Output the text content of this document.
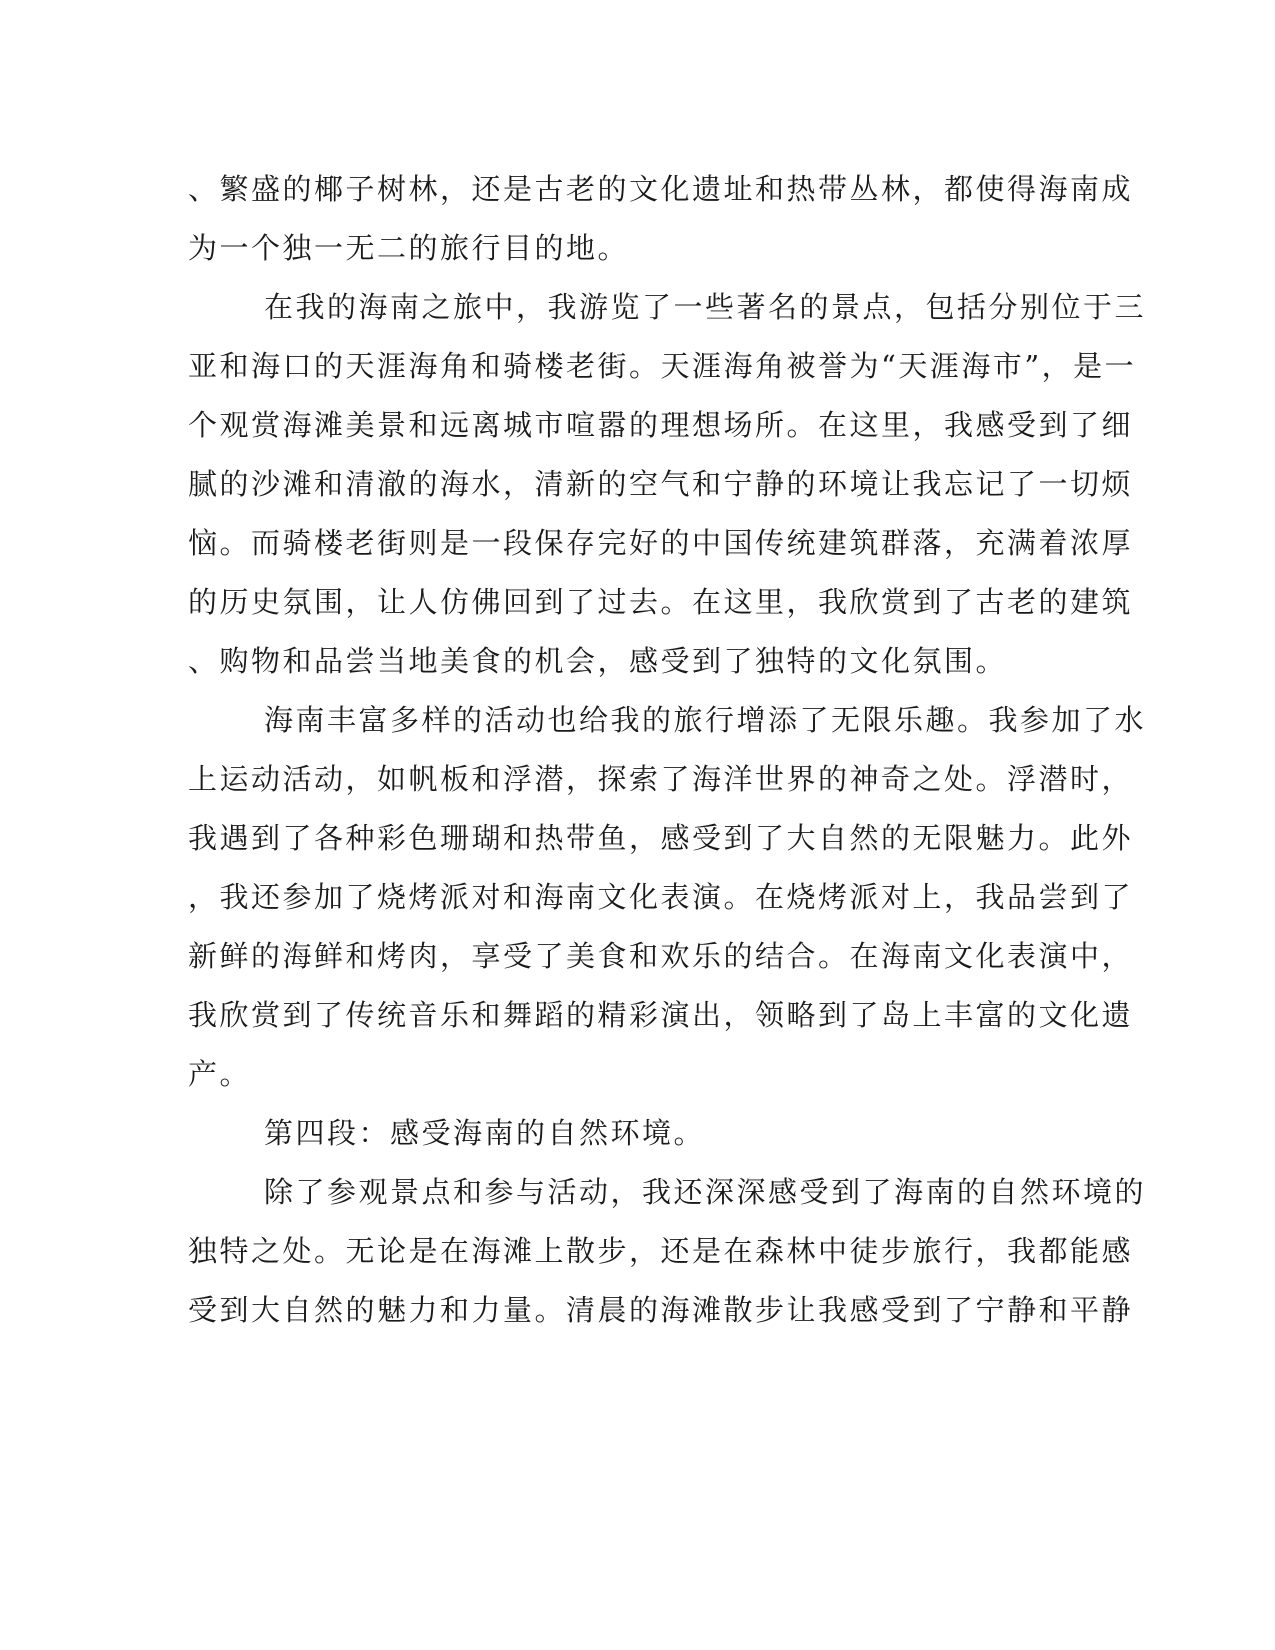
、繁盛的椰子树林，还是古老的文化遗址和热带丛林，都使得海南成
为一个独一无二的旅行目的地。
在我的海南之旅中，我游览了一些著名的景点，包括分别位于三
亚和海口的天涯海角和骑楼老街。天涯海角被誉为“天涯海市”，是一
个观赏海滩美景和远离城市喧嚣的理想场所。在这里，我感受到了细
腻的沙滩和清澈的海水，清新的空气和宁静的环境让我忘记了一切烦
恼。而骑楼老街则是一段保存完好的中国传统建筑群落，充满着浓厚
的历史氛围，让人仿佛回到了过去。在这里，我欣赏到了古老的建筑
、购物和品尝当地美食的机会，感受到了独特的文化氛围。
海南丰富多样的活动也给我的旅行增添了无限乐趣。我参加了水
上运动活动，如帆板和浮潜，探索了海洋世界的神奇之处。浮潜时，
我遇到了各种彩色珊瑚和热带鱼，感受到了大自然的无限魅力。此外
，我还参加了烧烤派对和海南文化表演。在烧烤派对上，我品尝到了
新鲜的海鲜和烤肉，享受了美食和欢乐的结合。在海南文化表演中，
我欣赏到了传统音乐和舞蹈的精彩演出，领略到了岛上丰富的文化遗
产。
第四段：感受海南的自然环境。
除了参观景点和参与活动，我还深深感受到了海南的自然环境的
独特之处。无论是在海滩上散步，还是在森林中徒步旅行，我都能感
受到大自然的魅力和力量。清晨的海滩散步让我感受到了宁静和平静
